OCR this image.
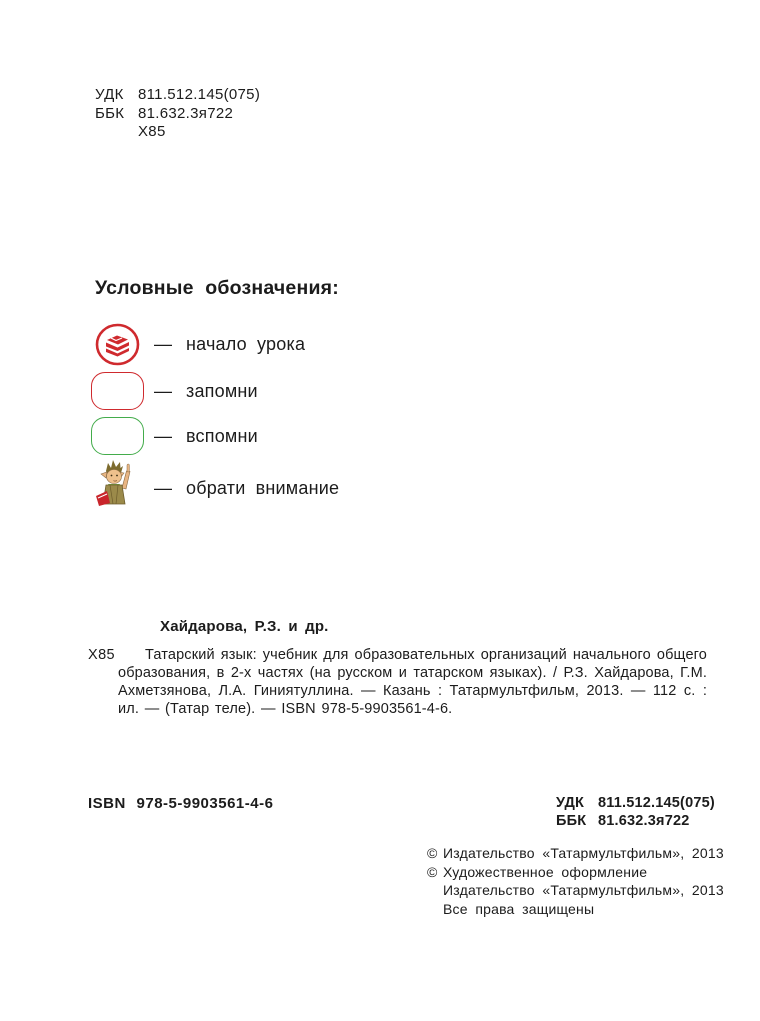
УДК 811.512.145(075)
ББК 81.632.3я722
Х85
Условные обозначения:
— начало урока
— запомни
— вспомни
— обрати внимание
Хайдарова, Р.З. и др.
Х85	Татарский язык: учебник для образовательных организаций начального общего образования, в 2-х частях (на русском и татарском языках). / Р.З. Хайдарова, Г.М. Ахметзянова, Л.А. Гиниятуллина. — Казань : Татармультфильм, 2013. — 112 с. : ил. — (Татар теле). — ISBN 978-5-9903561-4-6.
ISBN 978-5-9903561-4-6	УДК 811.512.145(075)
ББК 81.632.3я722
© Издательство «Татармультфильм», 2013
© Художественное оформление
Издательство «Татармультфильм», 2013
Все права защищены
